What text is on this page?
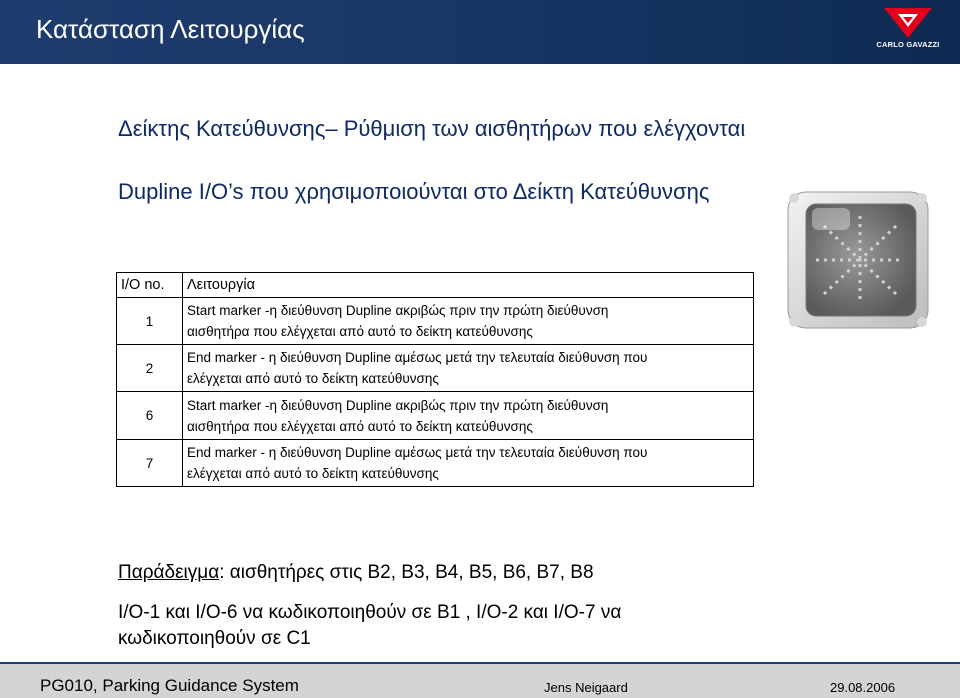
Κατάσταση Λειτουργίας
CARLO GAVAZZI
Δείκτης Κατεύθυνσης– Ρύθμιση των αισθητήρων που ελέγχονται
Dupline I/O’s που χρησιμοποιούνται στο Δείκτη Κατεύθυνσης
I/O no.	Λειτουργία
1	Start marker -η διεύθυνση Dupline ακριβώς πριν την πρώτη διεύθυνση
αισθητήρα που ελέγχεται από αυτό το δείκτη κατεύθυνσης

2	End marker - η διεύθυνση Dupline αμέσως μετά την τελευταία διεύθυνση που
ελέγχεται από αυτό το δείκτη κατεύθυνσης

6	Start marker -η διεύθυνση Dupline ακριβώς πριν την πρώτη διεύθυνση
αισθητήρα που ελέγχεται από αυτό το δείκτη κατεύθυνσης

7	End marker - η διεύθυνση Dupline αμέσως μετά την τελευταία διεύθυνση που
ελέγχεται από αυτό το δείκτη κατεύθυνσης
Παράδειγμα: αισθητήρες στις B2, B3, B4, B5, B6, B7, B8
I/O-1 και I/O-6 να κωδικοποιηθούν σε B1 , I/O-2 και I/O-7 να κωδικοποιηθούν σε C1
PG010, Parking Guidance System	Jens Neigaard	29.08.2006
